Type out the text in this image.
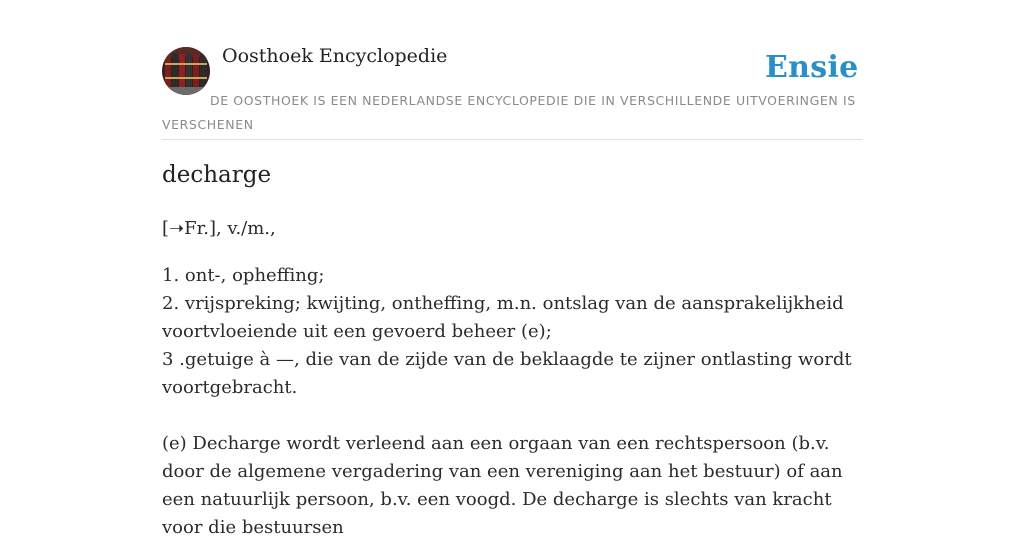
Oosthoek Encyclopedie	Ensie
DE OOSTHOEK IS EEN NEDERLANDSE ENCYCLOPEDIE DIE IN VERSCHILLENDE UITVOERINGEN IS VERSCHENEN
decharge

[➝Fr.], v./m.,

1. ont-, opheffing;
2. vrijspreking; kwijting, ontheffing, m.n. ontslag van de aansprakelijkheid voortvloeiende uit een gevoerd beheer (e);
3 .getuige à —, die van de zijde van de beklaagde te zijner ontlasting wordt voortgebracht.

(e) Decharge wordt verleend aan een orgaan van een rechtspersoon (b.v. door de algemene vergadering van een vereniging aan het bestuur) of aan een natuurlijk persoon, b.v. een voogd. De decharge is slechts van kracht voor die bestuursen
